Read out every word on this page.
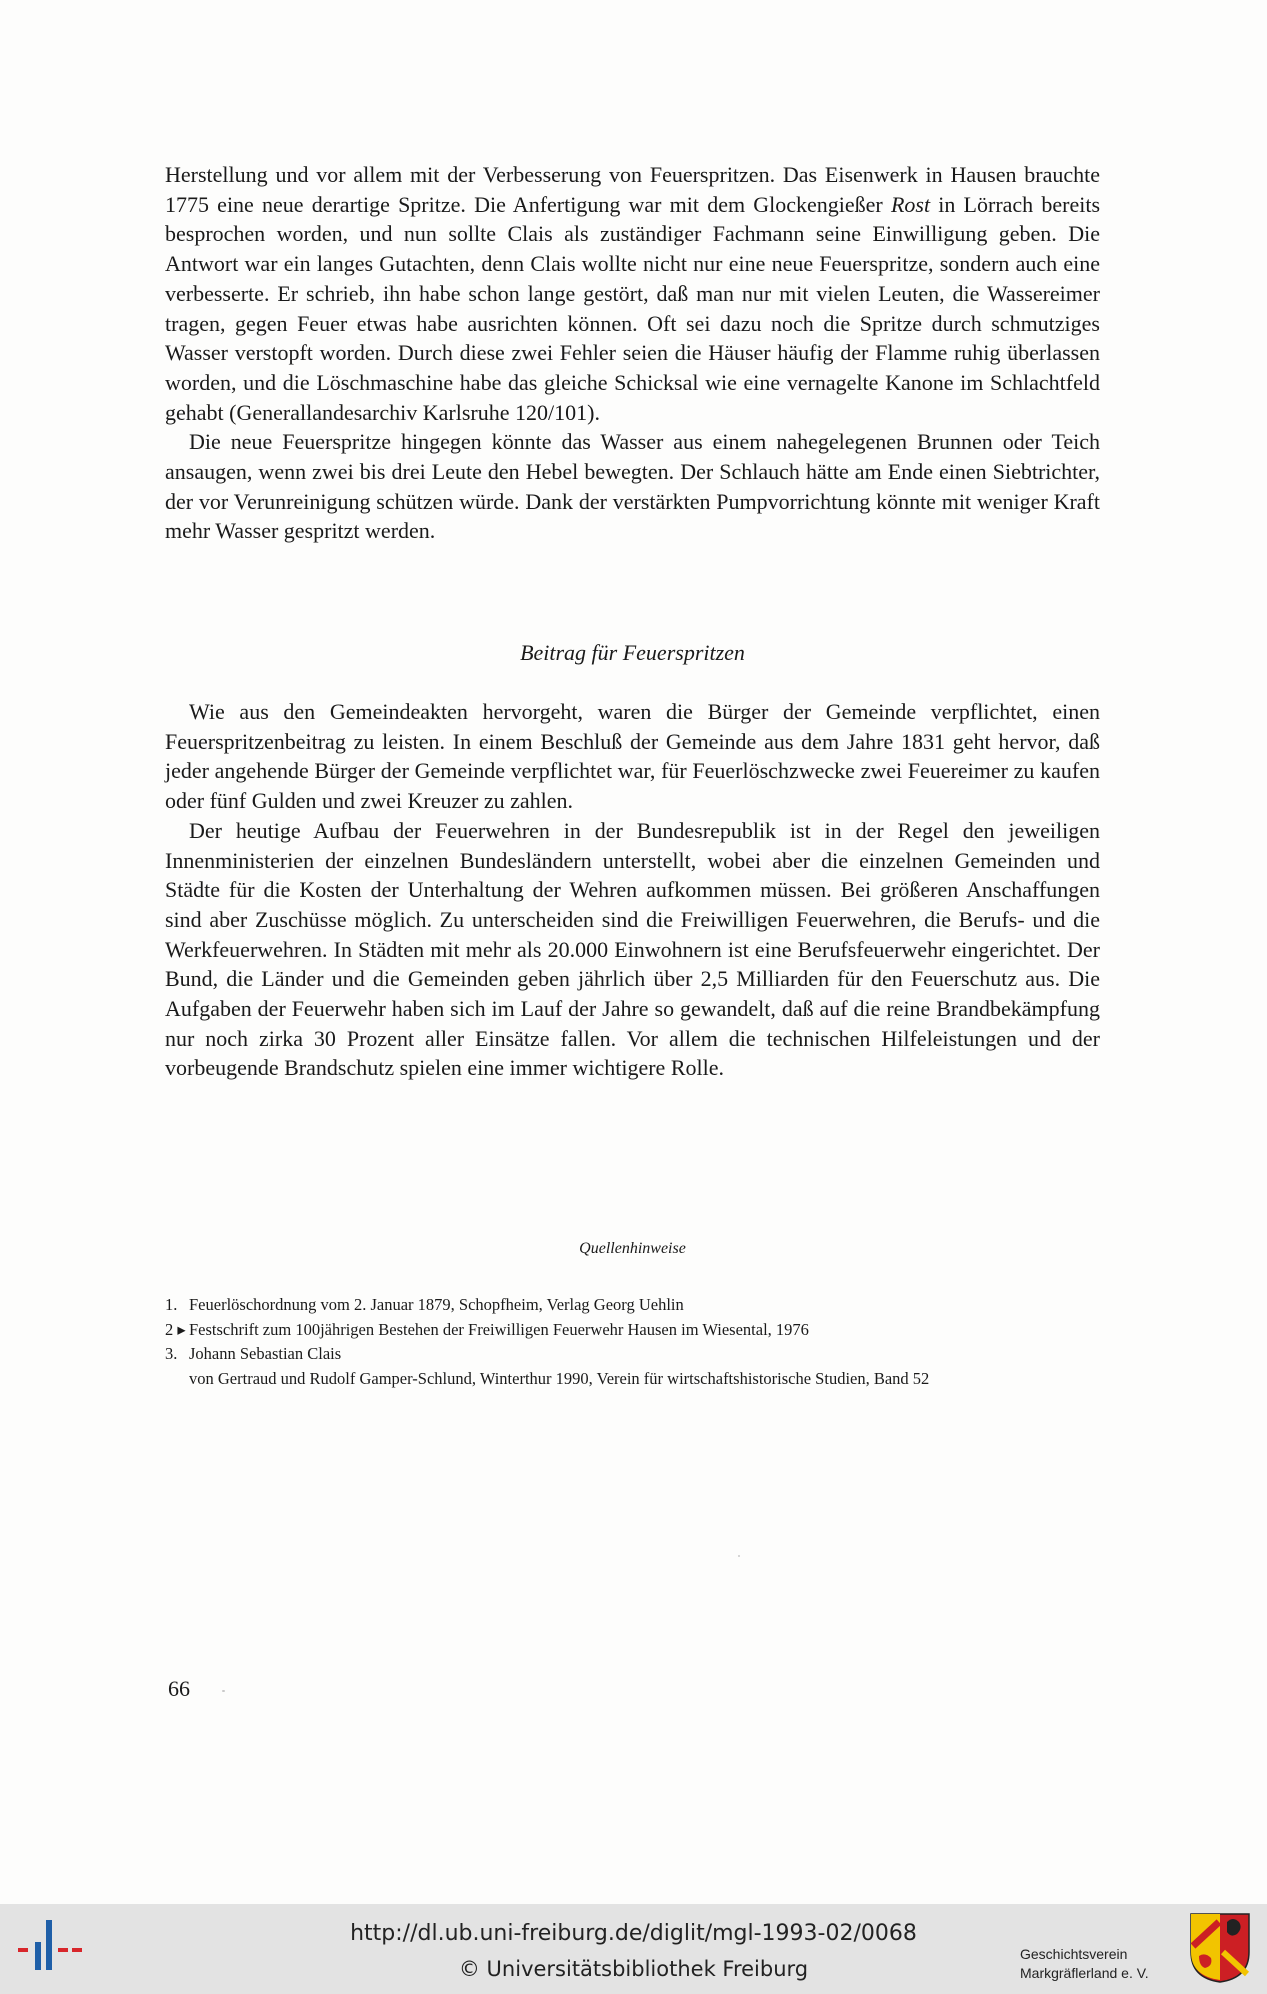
Herstellung und vor allem mit der Verbesserung von Feuerspritzen. Das Eisenwerk in Hausen brauchte 1775 eine neue derartige Spritze. Die Anfertigung war mit dem Glockengießer Rost in Lörrach bereits besprochen worden, und nun sollte Clais als zuständiger Fachmann seine Einwilligung geben. Die Antwort war ein langes Gutachten, denn Clais wollte nicht nur eine neue Feuerspritze, sondern auch eine verbesserte. Er schrieb, ihn habe schon lange gestört, daß man nur mit vielen Leuten, die Wassereimer tragen, gegen Feuer etwas habe ausrichten können. Oft sei dazu noch die Spritze durch schmutziges Wasser verstopft worden. Durch diese zwei Fehler seien die Häuser häufig der Flamme ruhig überlassen worden, und die Löschmaschine habe das gleiche Schicksal wie eine vernagelte Kanone im Schlachtfeld gehabt (Generallandesarchiv Karlsruhe 120/101).

Die neue Feuerspritze hingegen könnte das Wasser aus einem nahegelegenen Brunnen oder Teich ansaugen, wenn zwei bis drei Leute den Hebel bewegten. Der Schlauch hätte am Ende einen Siebtrichter, der vor Verunreinigung schützen würde. Dank der verstärkten Pumpvorrichtung könnte mit weniger Kraft mehr Wasser gespritzt werden.

Beitrag für Feuerspritzen

Wie aus den Gemeindeakten hervorgeht, waren die Bürger der Gemeinde verpflichtet, einen Feuerspritzenbeitrag zu leisten. In einem Beschluß der Gemeinde aus dem Jahre 1831 geht hervor, daß jeder angehende Bürger der Gemeinde verpflichtet war, für Feuerlöschzwecke zwei Feuereimer zu kaufen oder fünf Gulden und zwei Kreuzer zu zahlen.

Der heutige Aufbau der Feuerwehren in der Bundesrepublik ist in der Regel den jeweiligen Innenministerien der einzelnen Bundesländern unterstellt, wobei aber die einzelnen Gemeinden und Städte für die Kosten der Unterhaltung der Wehren aufkommen müssen. Bei größeren Anschaffungen sind aber Zuschüsse möglich. Zu unterscheiden sind die Freiwilligen Feuerwehren, die Berufs- und die Werkfeuerwehren. In Städten mit mehr als 20.000 Einwohnern ist eine Berufsfeuerwehr eingerichtet. Der Bund, die Länder und die Gemeinden geben jährlich über 2,5 Milliarden für den Feuerschutz aus. Die Aufgaben der Feuerwehr haben sich im Lauf der Jahre so gewandelt, daß auf die reine Brandbekämpfung nur noch zirka 30 Prozent aller Einsätze fallen. Vor allem die technischen Hilfeleistungen und der vorbeugende Brandschutz spielen eine immer wichtigere Rolle.

Quellenhinweise
1. Feuerlöschordnung vom 2. Januar 1879, Schopfheim, Verlag Georg Uehlin
2 ▸ Festschrift zum 100jährigen Bestehen der Freiwilligen Feuerwehr Hausen im Wiesental, 1976
3. Johann Sebastian Clais
von Gertraud und Rudolf Gamper-Schlund, Winterthur 1990, Verein für wirtschaftshistorische Studien, Band 52
66
http://dl.ub.uni-freiburg.de/diglit/mgl-1993-02/0068
© Universitätsbibliothek Freiburg
Geschichtsverein
Markgräflerland e. V.
